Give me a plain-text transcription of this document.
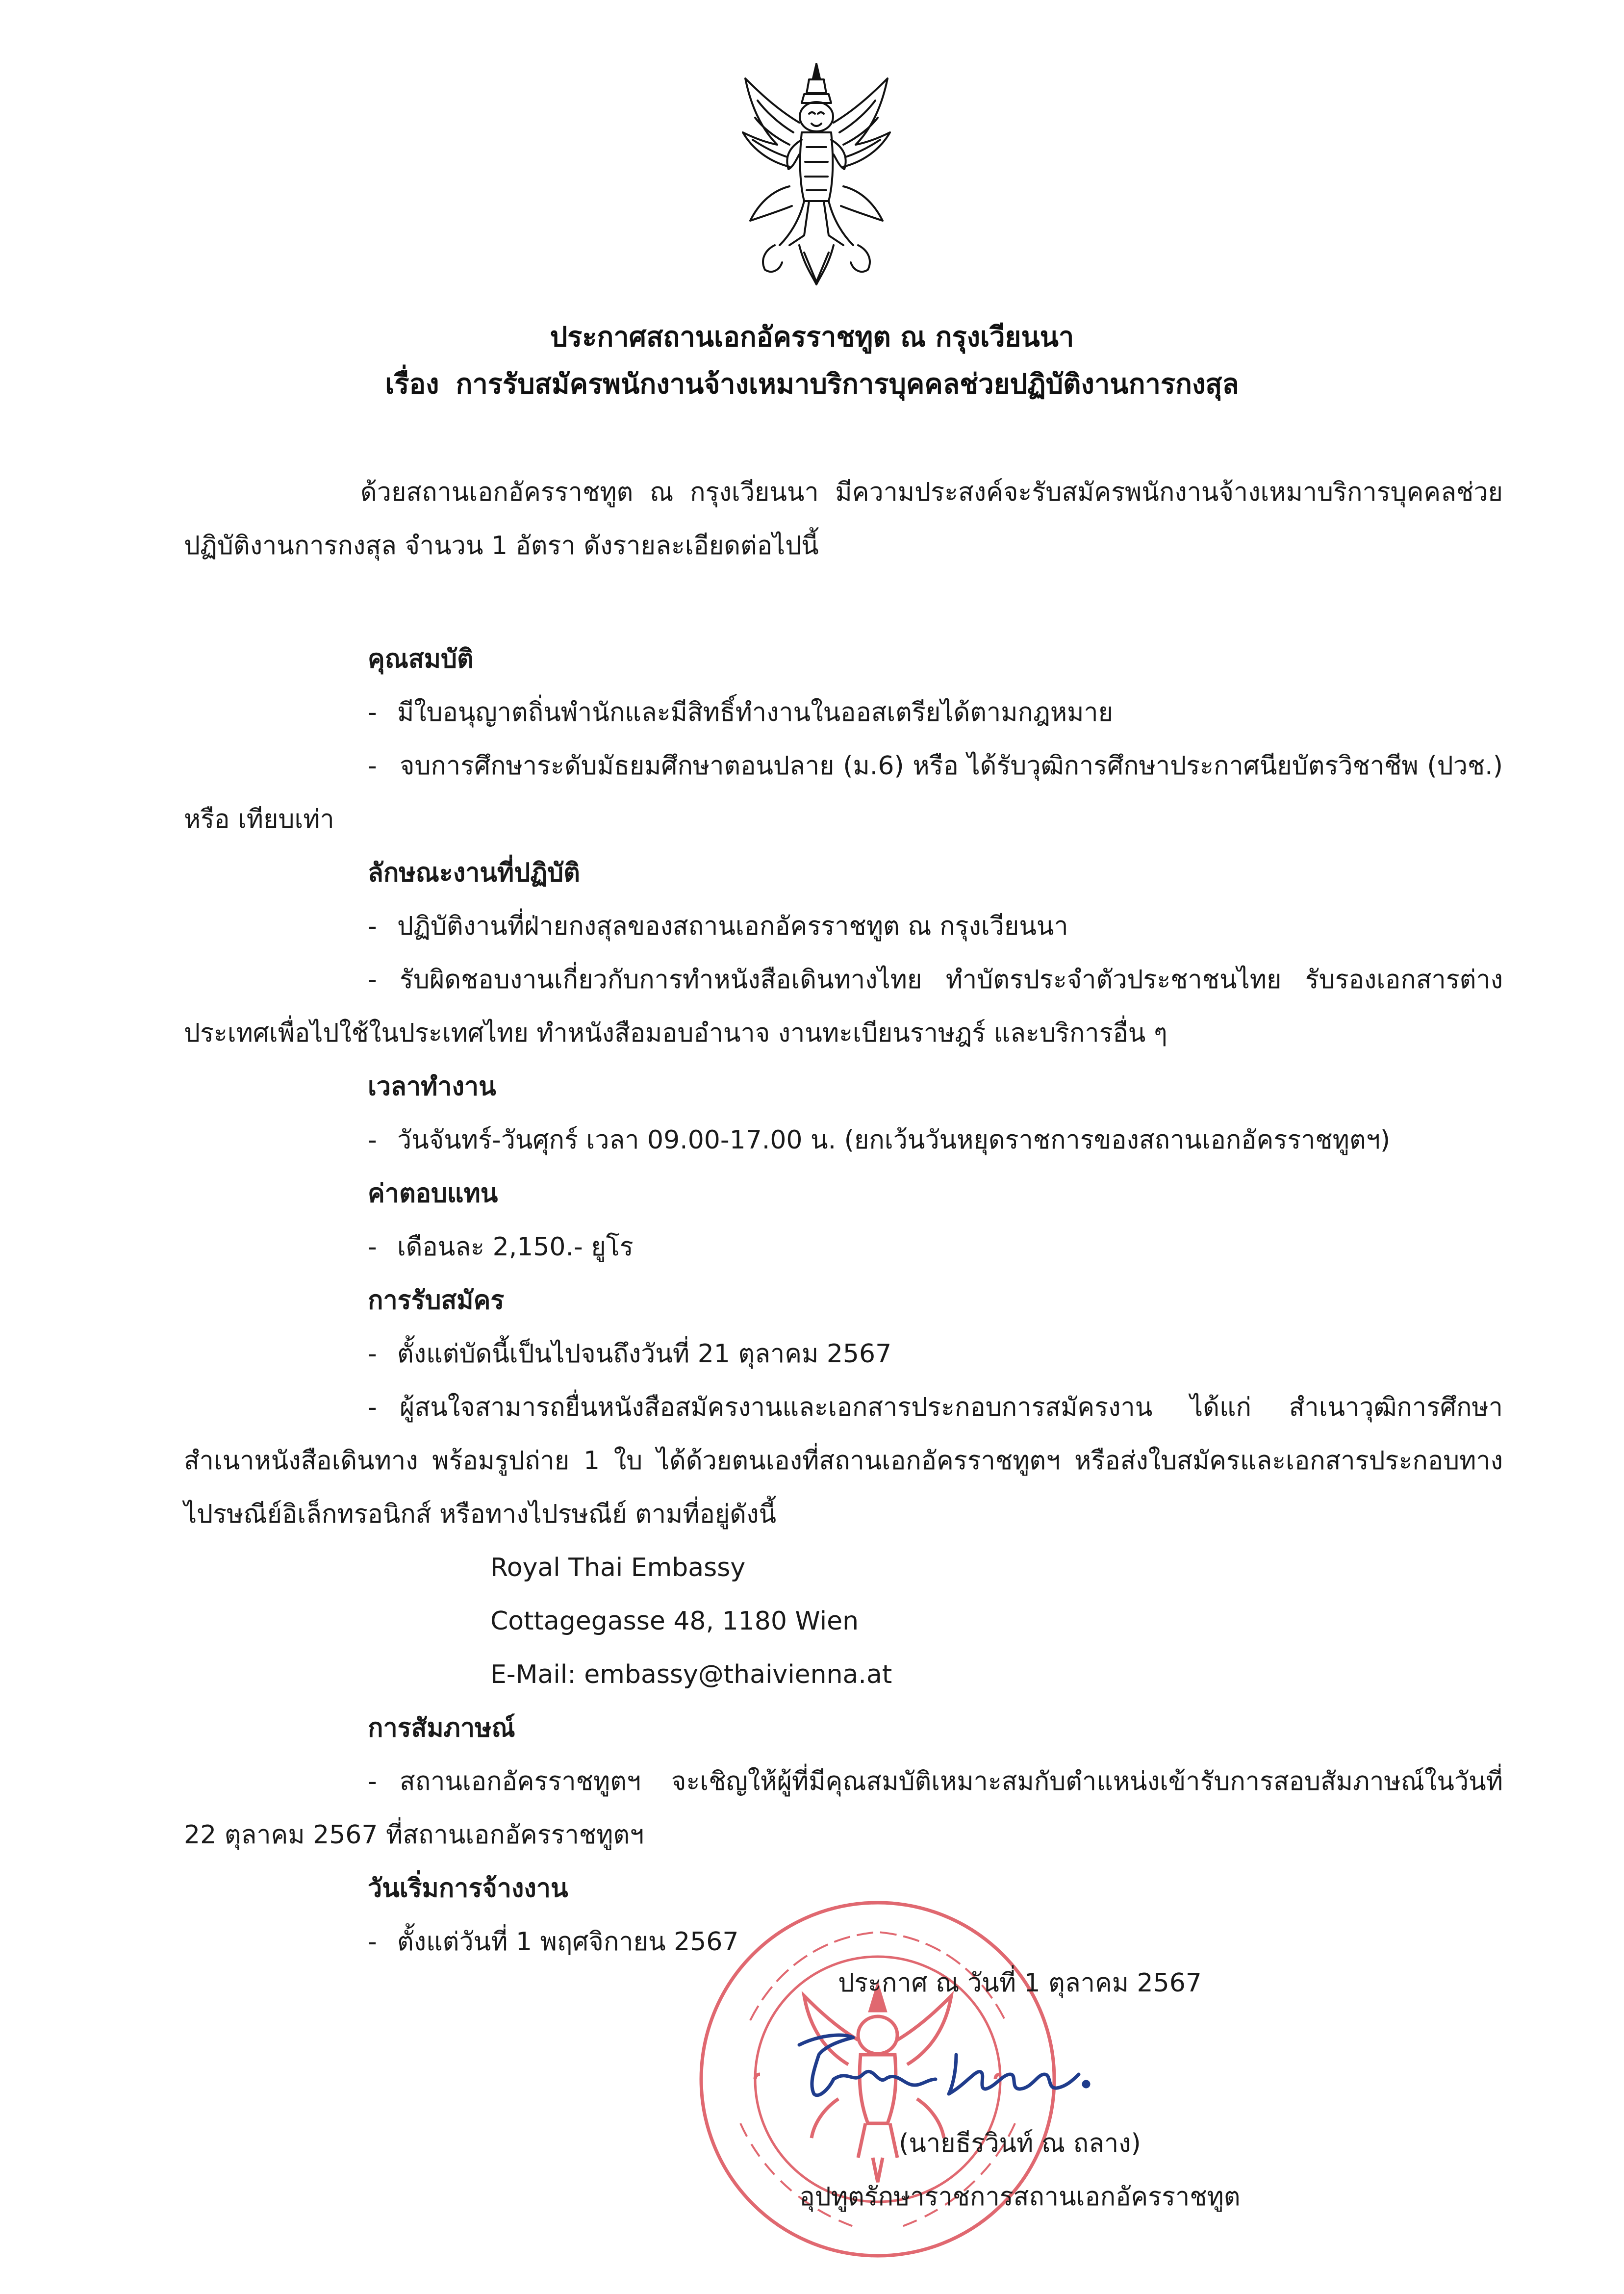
ประกาศสถานเอกอัครราชทูต ณ กรุงเวียนนา
เรื่อง การรับสมัครพนักงานจ้างเหมาบริการบุคคลช่วยปฏิบัติงานการกงสุล
ด้วยสถานเอกอัครราชทูต ณ กรุงเวียนนา มีความประสงค์จะรับสมัครพนักงานจ้างเหมาบริการบุคคลช่วยปฏิบัติงานการกงสุล จำนวน 1 อัตรา ดังรายละเอียดต่อไปนี้
คุณสมบัติ
- มีใบอนุญาตถิ่นพำนักและมีสิทธิ์ทำงานในออสเตรียได้ตามกฎหมาย
- จบการศึกษาระดับมัธยมศึกษาตอนปลาย (ม.6) หรือ ได้รับวุฒิการศึกษาประกาศนียบัตรวิชาชีพ (ปวช.) หรือ เทียบเท่า
ลักษณะงานที่ปฏิบัติ
- ปฏิบัติงานที่ฝ่ายกงสุลของสถานเอกอัครราชทูต ณ กรุงเวียนนา
- รับผิดชอบงานเกี่ยวกับการทำหนังสือเดินทางไทย ทำบัตรประจำตัวประชาชนไทย รับรองเอกสารต่างประเทศเพื่อไปใช้ในประเทศไทย ทำหนังสือมอบอำนาจ งานทะเบียนราษฎร์ และบริการอื่น ๆ
เวลาทำงาน
- วันจันทร์-วันศุกร์ เวลา 09.00-17.00 น. (ยกเว้นวันหยุดราชการของสถานเอกอัครราชทูตฯ)
ค่าตอบแทน
- เดือนละ 2,150.- ยูโร
การรับสมัคร
- ตั้งแต่บัดนี้เป็นไปจนถึงวันที่ 21 ตุลาคม 2567
- ผู้สนใจสามารถยื่นหนังสือสมัครงานและเอกสารประกอบการสมัครงาน ได้แก่ สำเนาวุฒิการศึกษา สำเนาหนังสือเดินทาง พร้อมรูปถ่าย 1 ใบ ได้ด้วยตนเองที่สถานเอกอัครราชทูตฯ หรือส่งใบสมัครและเอกสารประกอบทางไปรษณีย์อิเล็กทรอนิกส์ หรือทางไปรษณีย์ ตามที่อยู่ดังนี้
Royal Thai Embassy
Cottagegasse 48, 1180 Wien
E-Mail: embassy@thaivienna.at
การสัมภาษณ์
- สถานเอกอัครราชทูตฯ จะเชิญให้ผู้ที่มีคุณสมบัติเหมาะสมกับตำแหน่งเข้ารับการสอบสัมภาษณ์ในวันที่ 22 ตุลาคม 2567 ที่สถานเอกอัครราชทูตฯ
วันเริ่มการจ้างงาน
- ตั้งแต่วันที่ 1 พฤศจิกายน 2567
ประกาศ ณ วันที่ 1 ตุลาคม 2567
(นายธีรวินท์ ณ ถลาง)
อุปทูตรักษาราชการสถานเอกอัครราชทูต
